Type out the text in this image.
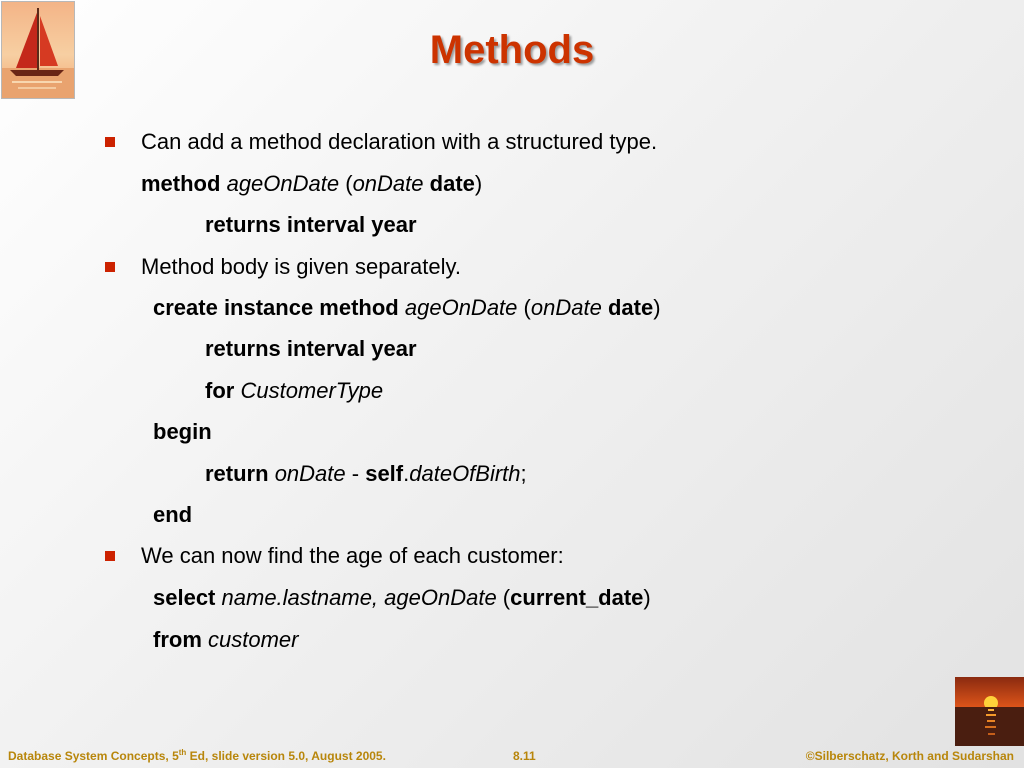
Methods
Can add a method declaration with a structured type.
method ageOnDate (onDate date)
returns interval year
Method body is given separately.
create instance method ageOnDate (onDate date)
returns interval year
for CustomerType
begin
return onDate - self.dateOfBirth;
end
We can now find the age of each customer:
select name.lastname, ageOnDate (current_date)
from customer
Database System Concepts, 5th Ed, slide version 5.0, August 2005.	8.11	©Silberschatz, Korth and Sudarshan
